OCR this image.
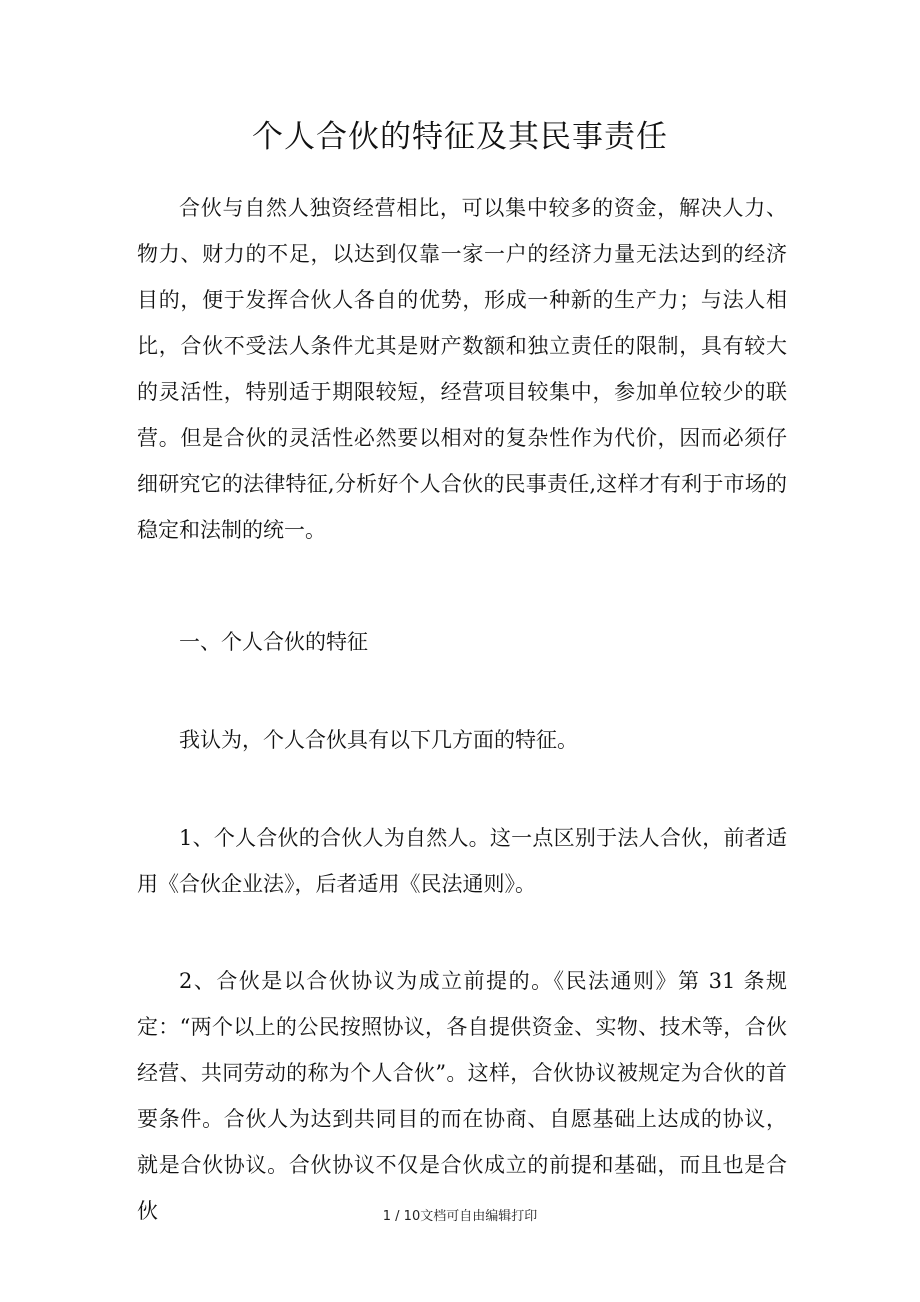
个人合伙的特征及其民事责任

合伙与自然人独资经营相比，可以集中较多的资金，解决人力、物力、财力的不足，以达到仅靠一家一户的经济力量无法达到的经济目的，便于发挥合伙人各自的优势，形成一种新的生产力；与法人相比，合伙不受法人条件尤其是财产数额和独立责任的限制，具有较大的灵活性，特别适于期限较短，经营项目较集中，参加单位较少的联营。但是合伙的灵活性必然要以相对的复杂性作为代价，因而必须仔细研究它的法律特征,分析好个人合伙的民事责任,这样才有利于市场的稳定和法制的统一。

一、个人合伙的特征

我认为，个人合伙具有以下几方面的特征。

1、个人合伙的合伙人为自然人。这一点区别于法人合伙，前者适用《合伙企业法》，后者适用《民法通则》。

2、合伙是以合伙协议为成立前提的。《民法通则》第 31 条规定：“两个以上的公民按照协议，各自提供资金、实物、技术等，合伙经营、共同劳动的称为个人合伙”。这样，合伙协议被规定为合伙的首要条件。合伙人为达到共同目的而在协商、自愿基础上达成的协议，就是合伙协议。合伙协议不仅是合伙成立的前提和基础，而且也是合伙	1 / 10文档可自由编辑打印
